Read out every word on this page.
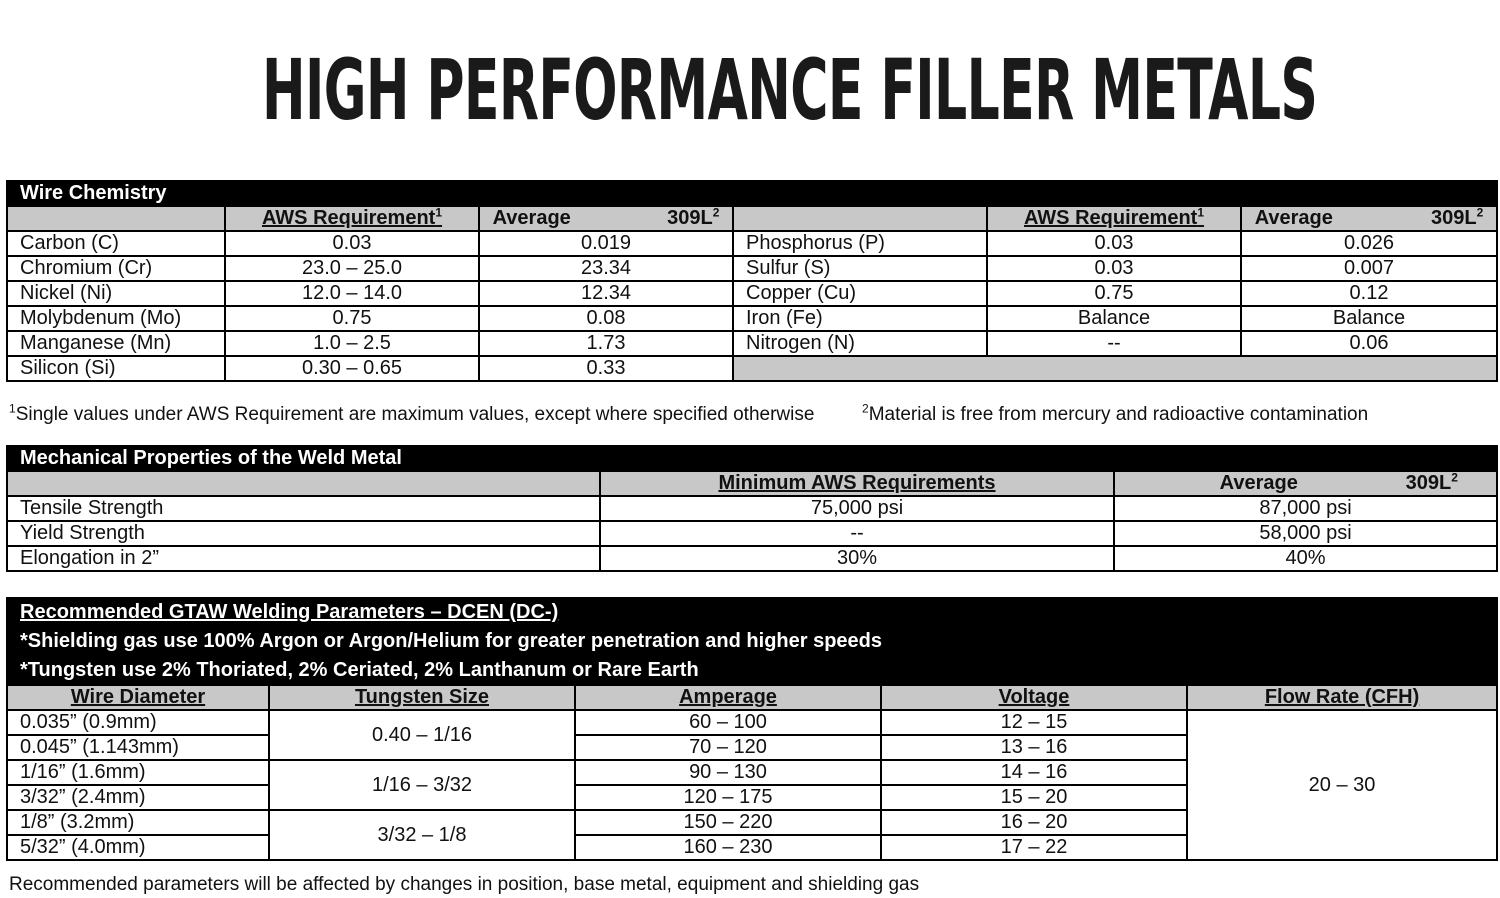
HIGH PERFORMANCE FILLER METALS
Wire Chemistry					
	AWS Requirement$^1$	Average $309L^2$		AWS Requirement$^1$	Average $309L^2$
Carbon (C)	0.03	0.019	Phosphorus (P)	0.03	0.026
Chromium (Cr)	23.0 – 25.0	23.34	Sulfur (S)	0.03	0.007
Nickel (Ni)	12.0 – 14.0	12.34	Copper (Cu)	0.75	0.12
Molybdenum (Mo)	0.75	0.08	Iron (Fe)	Balance	Balance
Manganese (Mn)	1.0 – 2.5	1.73	Nitrogen (N)	--	0.06
Silicon (Si)	0.30 – 0.65	0.33			
$^1$Single values under AWS Requirement are maximum values, except where specified otherwise	$^2$Material is free from mercury and radioactive contamination
Mechanical Properties of the Weld Metal		
	Minimum AWS Requirements	Average $309L^2$
Tensile Strength	75,000 psi	87,000 psi
Yield Strength	--	58,000 psi
Elongation in 2”	30%	40%
Recommended GTAW Welding Parameters – DCEN (DC-)				
*Shielding gas use 100% Argon or Argon/Helium for greater penetration and higher speeds				
*Tungsten use 2% Thoriated, 2% Ceriated, 2% Lanthanum or Rare Earth				
Wire Diameter	Tungsten Size	Amperage	Voltage	Flow Rate (CFH)
0.035” (0.9mm)	0.40 – 1/16	60 – 100	12 – 15	20 – 30
0.045” (1.143mm)		70 – 120	13 – 16	
1/16” (1.6mm)	1/16 – 3/32	90 – 130	14 – 16	
3/32” (2.4mm)		120 – 175	15 – 20	
1/8” (3.2mm)	3/32 – 1/8	150 – 220	16 – 20	
5/32” (4.0mm)		160 – 230	17 – 22	
Recommended parameters will be affected by changes in position, base metal, equipment and shielding gas
